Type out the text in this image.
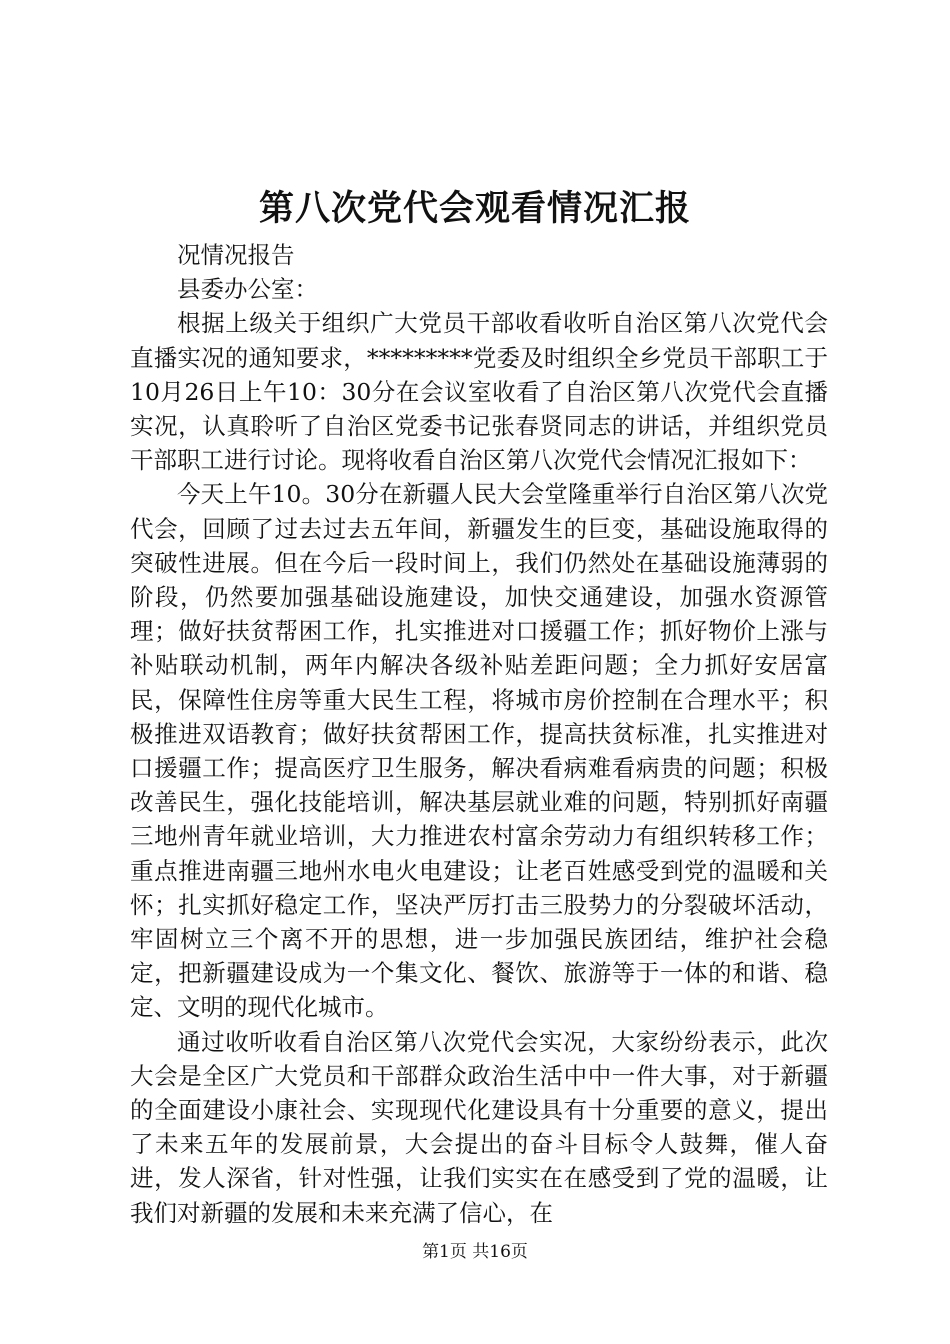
第八次党代会观看情况汇报

况情况报告

县委办公室：

根据上级关于组织广大党员干部收看收听自治区第八次党代会直播实况的通知要求，*********党委及时组织全乡党员干部职工于10月26日上午10：30分在会议室收看了自治区第八次党代会直播实况，认真聆听了自治区党委书记张春贤同志的讲话，并组织党员干部职工进行讨论。现将收看自治区第八次党代会情况汇报如下：

今天上午10。30分在新疆人民大会堂隆重举行自治区第八次党代会，回顾了过去过去五年间，新疆发生的巨变，基础设施取得的突破性进展。但在今后一段时间上，我们仍然处在基础设施薄弱的阶段，仍然要加强基础设施建设，加快交通建设，加强水资源管理；做好扶贫帮困工作，扎实推进对口援疆工作；抓好物价上涨与补贴联动机制，两年内解决各级补贴差距问题；全力抓好安居富民，保障性住房等重大民生工程，将城市房价控制在合理水平；积极推进双语教育；做好扶贫帮困工作，提高扶贫标准，扎实推进对口援疆工作；提高医疗卫生服务，解决看病难看病贵的问题；积极改善民生，强化技能培训，解决基层就业难的问题，特别抓好南疆三地州青年就业培训，大力推进农村富余劳动力有组织转移工作；重点推进南疆三地州水电火电建设；让老百姓感受到党的温暖和关怀；扎实抓好稳定工作，坚决严厉打击三股势力的分裂破坏活动，牢固树立三个离不开的思想，进一步加强民族团结，维护社会稳定，把新疆建设成为一个集文化、餐饮、旅游等于一体的和谐、稳定、文明的现代化城市。

通过收听收看自治区第八次党代会实况，大家纷纷表示，此次大会是全区广大党员和干部群众政治生活中中一件大事，对于新疆的全面建设小康社会、实现现代化建设具有十分重要的意义，提出了未来五年的发展前景，大会提出的奋斗目标令人鼓舞，催人奋进，发人深省，针对性强，让我们实实在在感受到了党的温暖，让我们对新疆的发展和未来充满了信心，在

第1页 共16页
